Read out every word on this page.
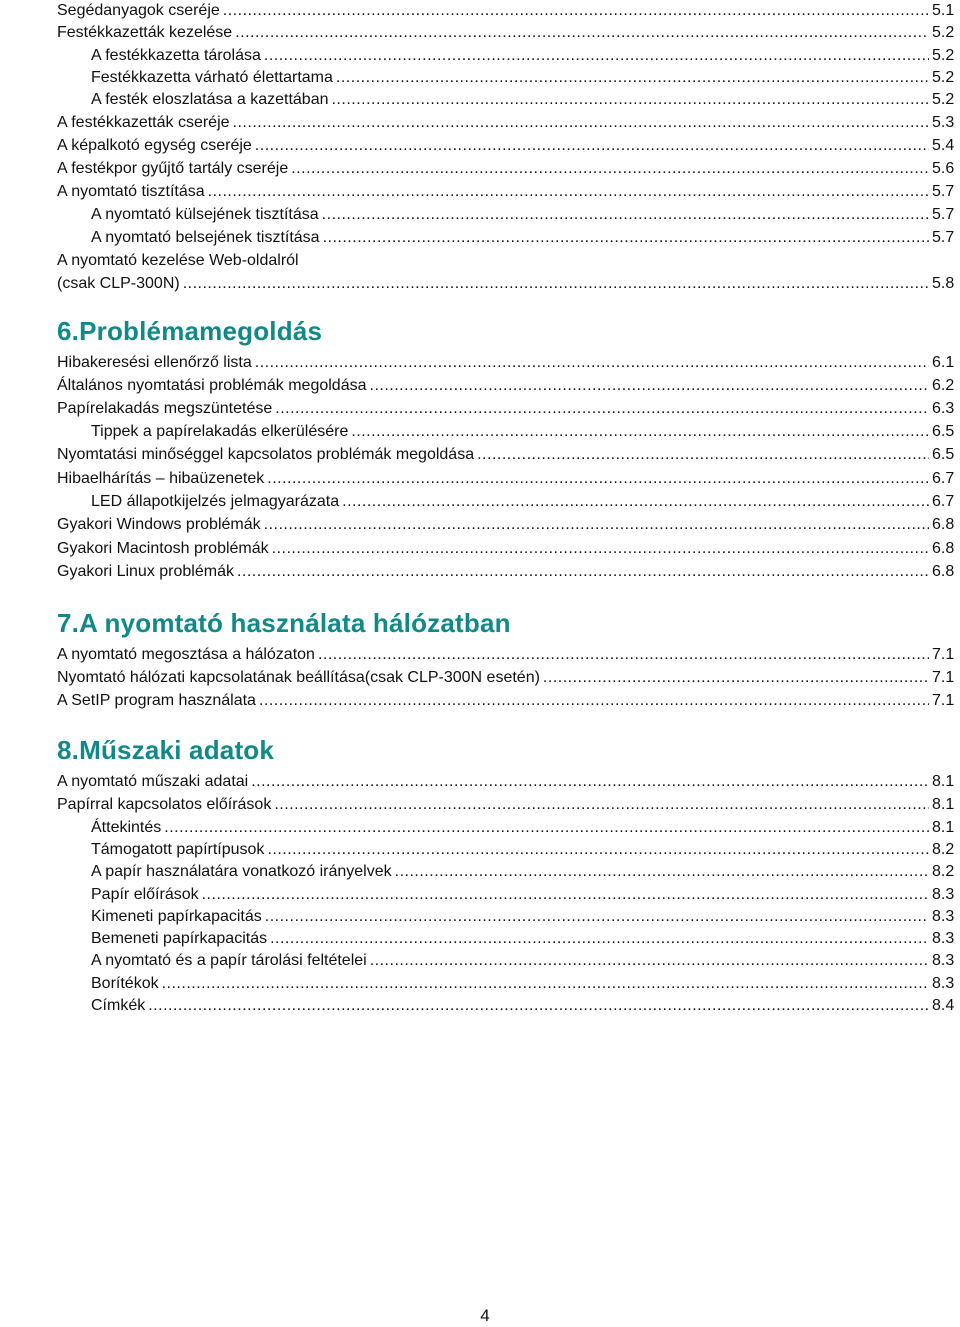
Segédanyagok cseréje .....	5.1
Festékkazetták kezelése .....	5.2
A festékkazetta tárolása .....	5.2
Festékkazetta várható élettartama .....	5.2
A festék eloszlatása a kazettában .....	5.2
A festékkazetták cseréje .....	5.3
A képalkotó egység cseréje .....	5.4
A festékpor gyűjtő tartály cseréje .....	5.6
A nyomtató tisztítása .....	5.7
A nyomtató külsejének tisztítása .....	5.7
A nyomtató belsejének tisztítása .....	5.7
A nyomtató kezelése Web-oldalról
(csak CLP-300N) .....	5.8
6.Problémamegoldás
Hibakeresési ellenőrző lista .....	6.1
Általános nyomtatási problémák megoldása .....	6.2
Papírelakadás megszüntetése .....	6.3
Tippek a papírelakadás elkerülésére .....	6.5
Nyomtatási minőséggel kapcsolatos problémák megoldása .....	6.5
Hibaelhárítás – hibaüzenetek .....	6.7
LED állapotkijelzés jelmagyarázata .....	6.7
Gyakori Windows problémák .....	6.8
Gyakori Macintosh problémák .....	6.8
Gyakori Linux problémák .....	6.8
7.A nyomtató használata hálózatban
A nyomtató megosztása a hálózaton .....	7.1
Nyomtató hálózati kapcsolatának beállítása(csak CLP-300N esetén) .....	7.1
A SetIP program használata .....	7.1
8.Műszaki adatok
A nyomtató műszaki adatai .....	8.1
Papírral kapcsolatos előírások .....	8.1
Áttekintés .....	8.1
Támogatott papírtípusok .....	8.2
A papír használatára vonatkozó irányelvek .....	8.2
Papír előírások .....	8.3
Kimeneti papírkapacitás .....	8.3
Bemeneti papírkapacitás .....	8.3
A nyomtató és a papír tárolási feltételei .....	8.3
Borítékok .....	8.3
Címkék .....	8.4
4
